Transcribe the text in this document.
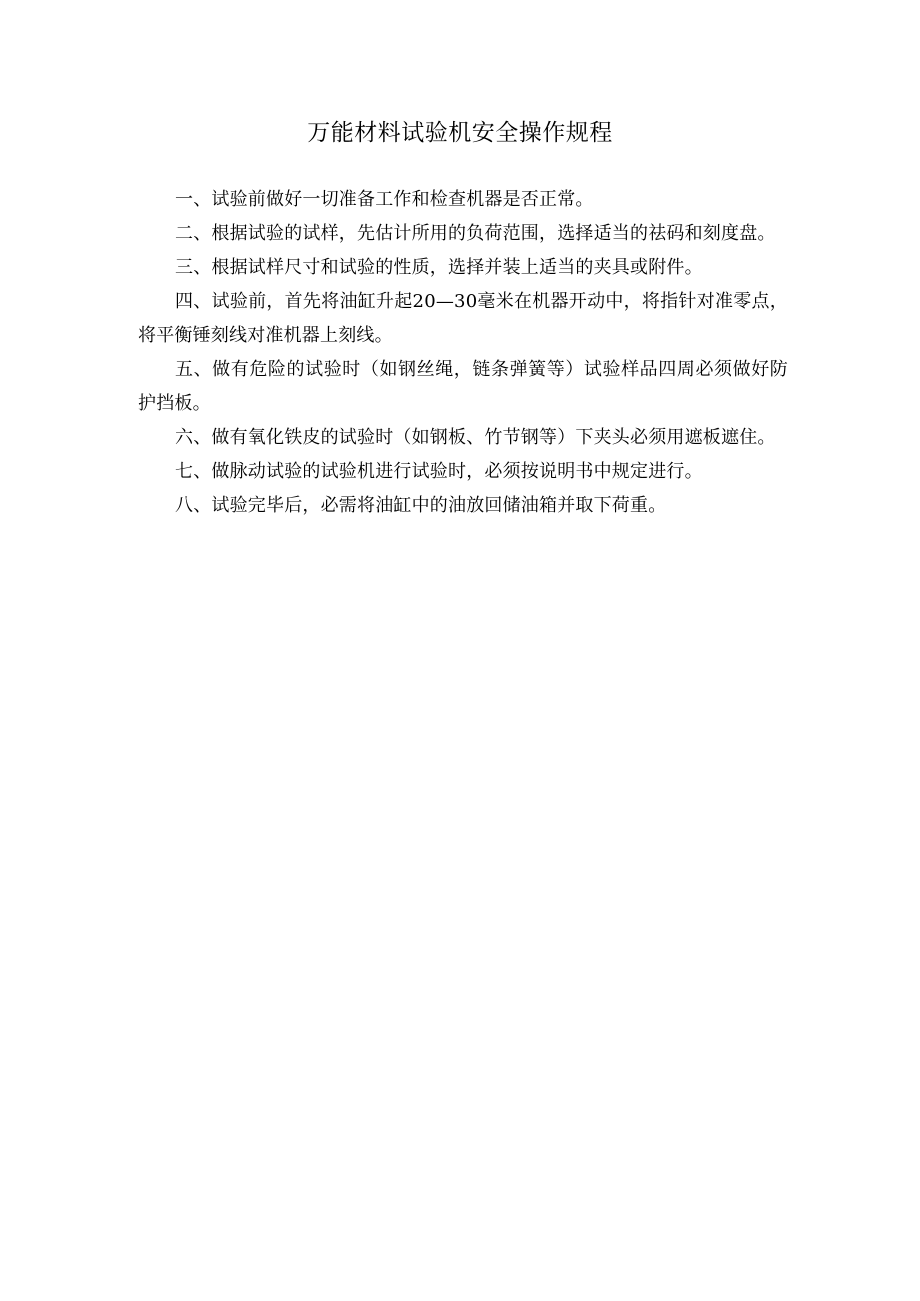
万能材料试验机安全操作规程

一、试验前做好一切准备工作和检查机器是否正常。

二、根据试验的试样，先估计所用的负荷范围，选择适当的祛码和刻度盘。

三、根据试样尺寸和试验的性质，选择并装上适当的夹具或附件。

四、试验前，首先将油缸升起20—30毫米在机器开动中，将指针对准零点，将平衡锤刻线对准机器上刻线。

五、做有危险的试验时（如钢丝绳，链条弹簧等）试验样品四周必须做好防护挡板。

六、做有氧化铁皮的试验时（如钢板、竹节钢等）下夹头必须用遮板遮住。

七、做脉动试验的试验机进行试验时，必须按说明书中规定进行。

八、试验完毕后，必需将油缸中的油放回储油箱并取下荷重。
